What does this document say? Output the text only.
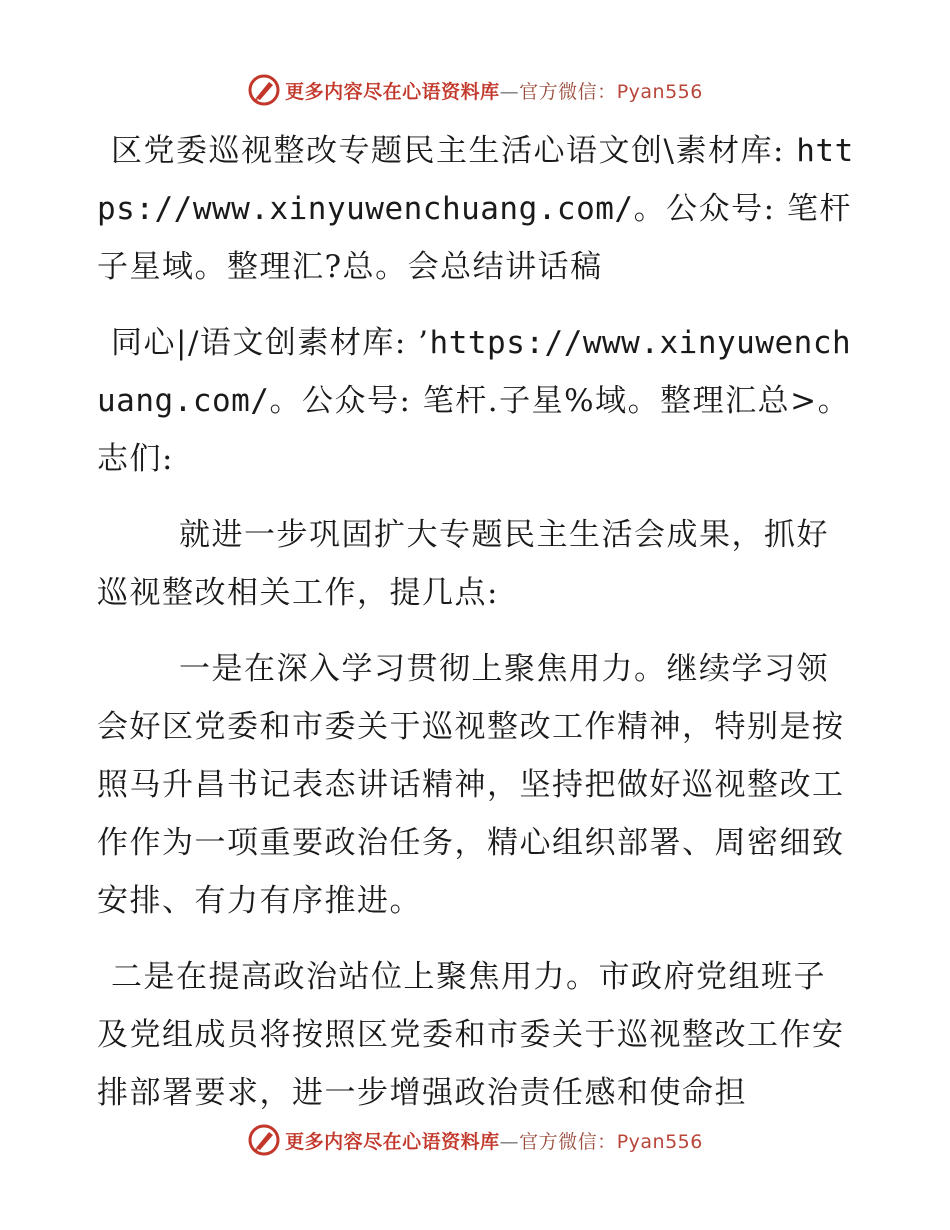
更多内容尽在心语资料库—官方微信：Pyan556

区党委巡视整改专题民主生活心语文创\素材库: https://www.xinyuwenchuang.com/。公众号: 笔杆子星域。整理汇?总。会总结讲话稿

同心|/语文创素材库: ’https://www.xinyuwenchuang.com/。公众号: 笔杆.子星%域。整理汇总>。志们:

就进一步巩固扩大专题民主生活会成果，抓好巡视整改相关工作，提几点:

一是在深入学习贯彻上聚焦用力。继续学习领会好区党委和市委关于巡视整改工作精神，特别是按照马升昌书记表态讲话精神，坚持把做好巡视整改工作作为一项重要政治任务，精心组织部署、周密细致安排、有力有序推进。

二是在提高政治站位上聚焦用力。市政府党组班子及党组成员将按照区党委和市委关于巡视整改工作安排部署要求，进一步增强政治责任感和使命担

更多内容尽在心语资料库—官方微信：Pyan556
